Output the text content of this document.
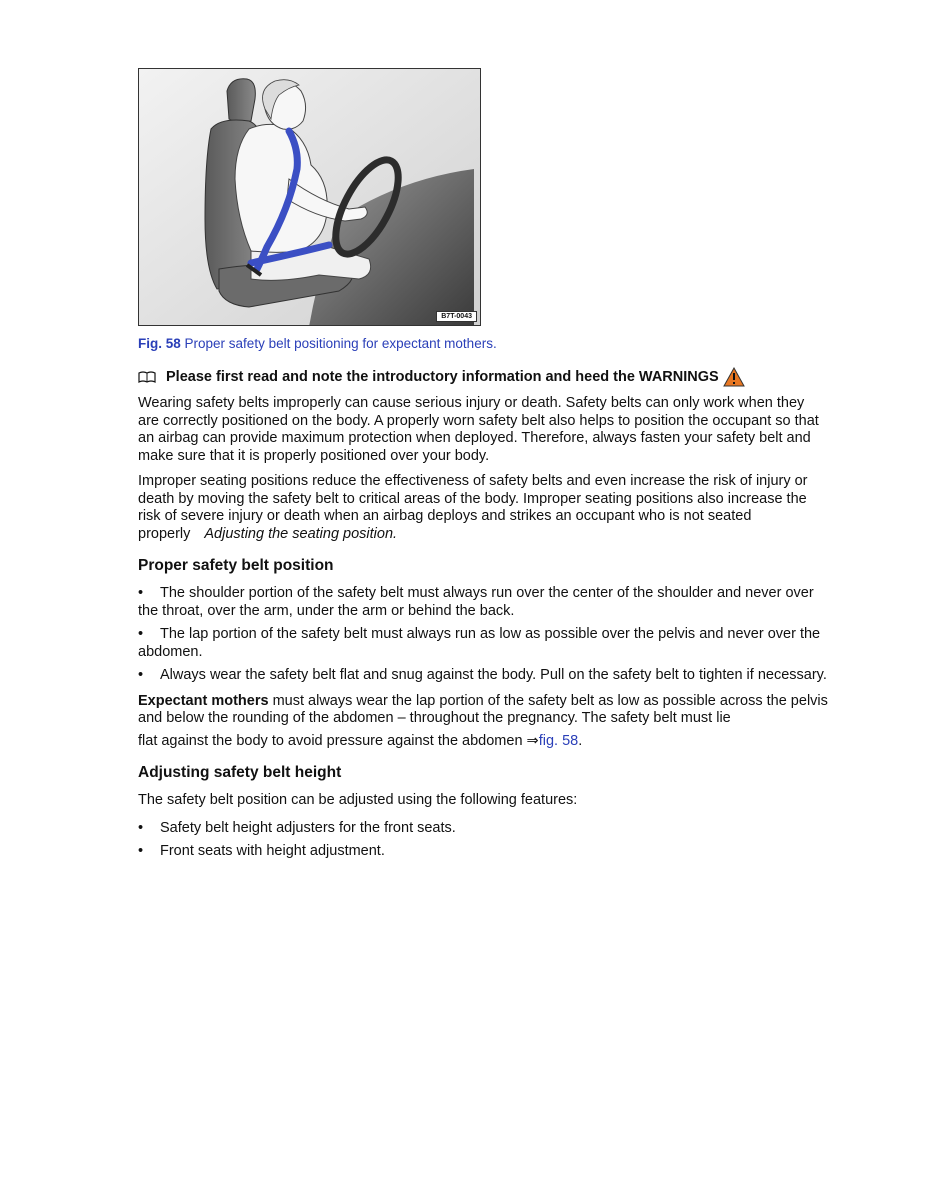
B7T-0043
Fig. 58 Proper safety belt positioning for expectant mothers.
Please first read and note the introductory information and heed the WARNINGS

Wearing safety belts improperly can cause serious injury or death. Safety belts can only work when they are correctly positioned on the body. A properly worn safety belt also helps to position the occupant so that an airbag can provide maximum protection when deployed. Therefore, always fasten your safety belt and make sure that it is properly positioned over your body.

Improper seating positions reduce the effectiveness of safety belts and even increase the risk of injury or death by moving the safety belt to critical areas of the body. Improper seating positions also increase the risk of severe injury or death when an airbag deploys and strikes an occupant who is not seated properly Adjusting the seating position.

Proper safety belt position
• The shoulder portion of the safety belt must always run over the center of the shoulder and never over the throat, over the arm, under the arm or behind the back.
• The lap portion of the safety belt must always run as low as possible over the pelvis and never over the abdomen.
• Always wear the safety belt flat and snug against the body. Pull on the safety belt to tighten if necessary.

Expectant mothers must always wear the lap portion of the safety belt as low as possible across the pelvis and below the rounding of the abdomen – throughout the pregnancy. The safety belt must lie

flat against the body to avoid pressure against the abdomen ⇒fig. 58.

Adjusting safety belt height

The safety belt position can be adjusted using the following features:

• Safety belt height adjusters for the front seats.
• Front seats with height adjustment.
